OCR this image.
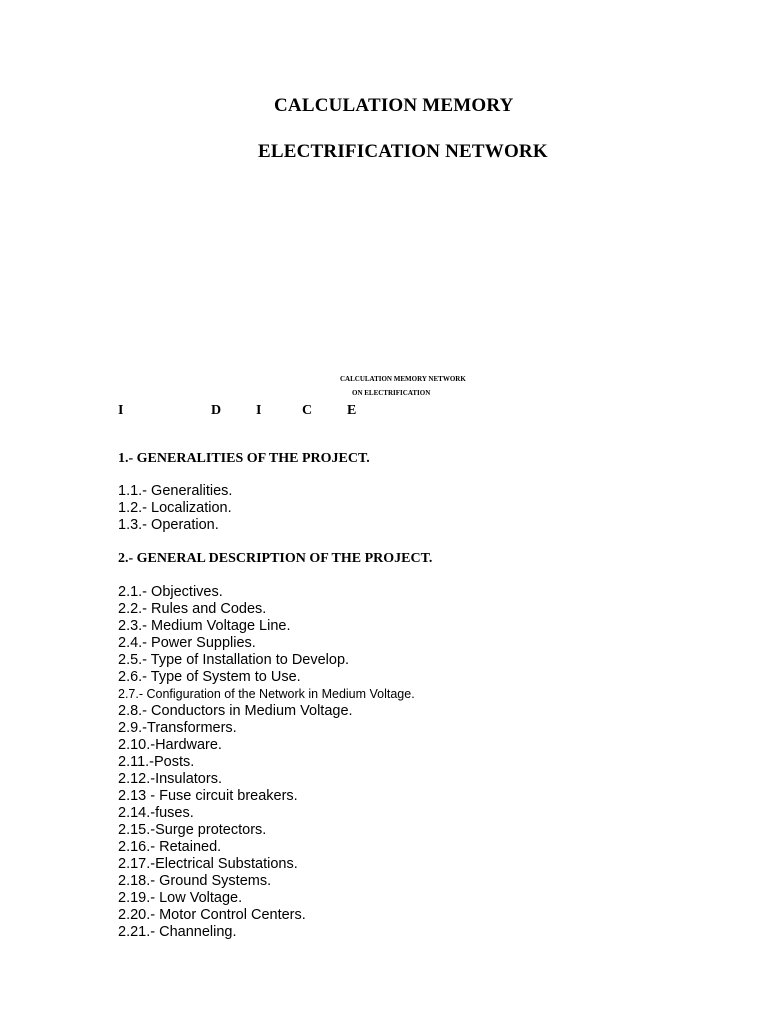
CALCULATION MEMORY
ELECTRIFICATION NETWORK
CALCULATION MEMORY NETWORK
ON ELECTRIFICATION
I	D I	C E
1.- GENERALITIES OF THE PROJECT.
1.1.- Generalities.
1.2.- Localization.
1.3.- Operation.
2.- GENERAL DESCRIPTION OF THE PROJECT.
2.1.- Objectives.
2.2.- Rules and Codes.
2.3.- Medium Voltage Line.
2.4.- Power Supplies.
2.5.- Type of Installation to Develop.
2.6.- Type of System to Use.
2.7.- Configuration of the Network in Medium Voltage.
2.8.- Conductors in Medium Voltage.
2.9.-Transformers.
2.10.-Hardware.
2.11.-Posts.
2.12.-Insulators.
2.13 - Fuse circuit breakers.
2.14.-fuses.
2.15.-Surge protectors.
2.16.- Retained.
2.17.-Electrical Substations.
2.18.- Ground Systems.
2.19.- Low Voltage.
2.20.- Motor Control Centers.
2.21.- Channeling.
